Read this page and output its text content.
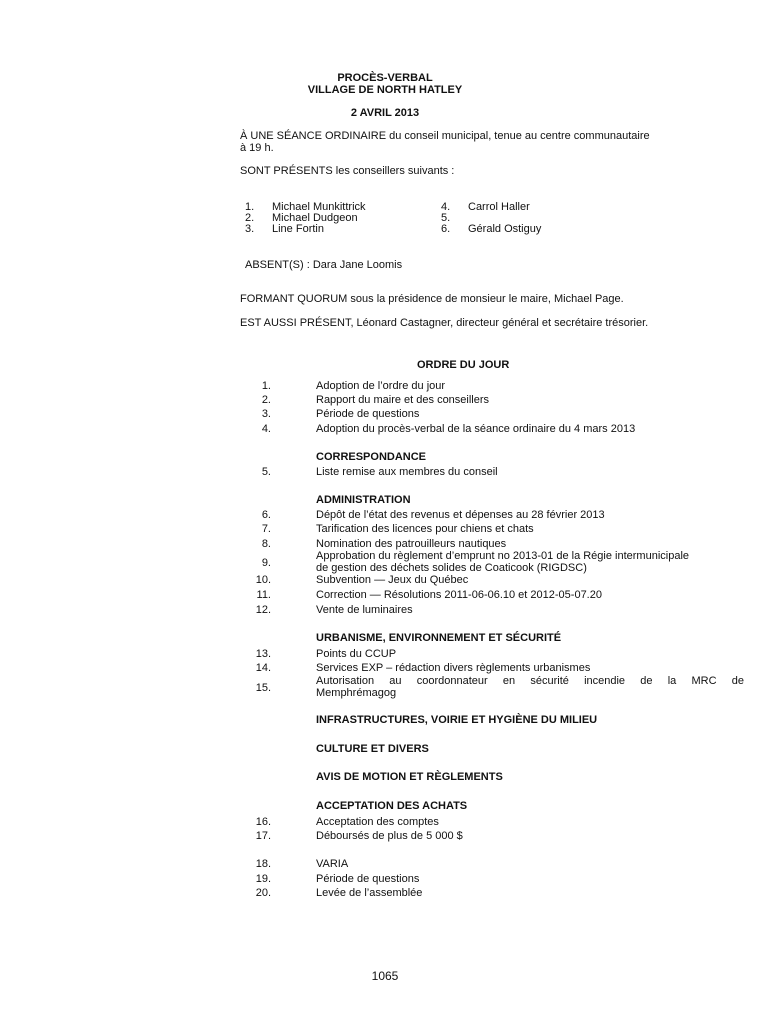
PROCÈS-VERBAL
VILLAGE DE NORTH HATLEY
2 AVRIL 2013
À UNE SÉANCE ORDINAIRE du conseil municipal, tenue au centre communautaire
à 19 h.
SONT PRÉSENTS les conseillers suivants :
1. Michael Munkittrick
2. Michael Dudgeon
3. Line Fortin
4. Carrol Haller
5.
6. Gérald Ostiguy
ABSENT(S) : Dara Jane Loomis
FORMANT QUORUM sous la présidence de monsieur le maire, Michael Page.
EST AUSSI PRÉSENT, Léonard Castagner, directeur général et secrétaire trésorier.
ORDRE DU JOUR
1.	Adoption de l’ordre du jour
2.	Rapport du maire et des conseillers
3.	Période de questions
4.	Adoption du procès-verbal de la séance ordinaire du 4 mars 2013
CORRESPONDANCE
5.	Liste remise aux membres du conseil
ADMINISTRATION
6.	Dépôt de l’état des revenus et dépenses au 28 février 2013
7.	Tarification des licences pour chiens et chats
8.	Nomination des patrouilleurs nautiques
9.
Approbation du règlement d’emprunt no 2013-01 de la Régie intermunicipale
de gestion des déchets solides de Coaticook (RIGDSC)
10.	Subvention — Jeux du Québec
11.	Correction — Résolutions 2011-06-06.10 et 2012-05-07.20
12.	Vente de luminaires
URBANISME, ENVIRONNEMENT ET SÉCURITÉ
13.	Points du CCUP
14.	Services EXP – rédaction divers règlements urbanismes
15.
Autorisation au coordonnateur en sécurité incendie de la MRC de
Memphrémagog
INFRASTRUCTURES, VOIRIE ET HYGIÈNE DU MILIEU
CULTURE ET DIVERS
AVIS DE MOTION ET RÈGLEMENTS
ACCEPTATION DES ACHATS
16.	Acceptation des comptes
17.	Déboursés de plus de 5 000 $
18.	VARIA
19.	Période de questions
20.	Levée de l’assemblée
1065
